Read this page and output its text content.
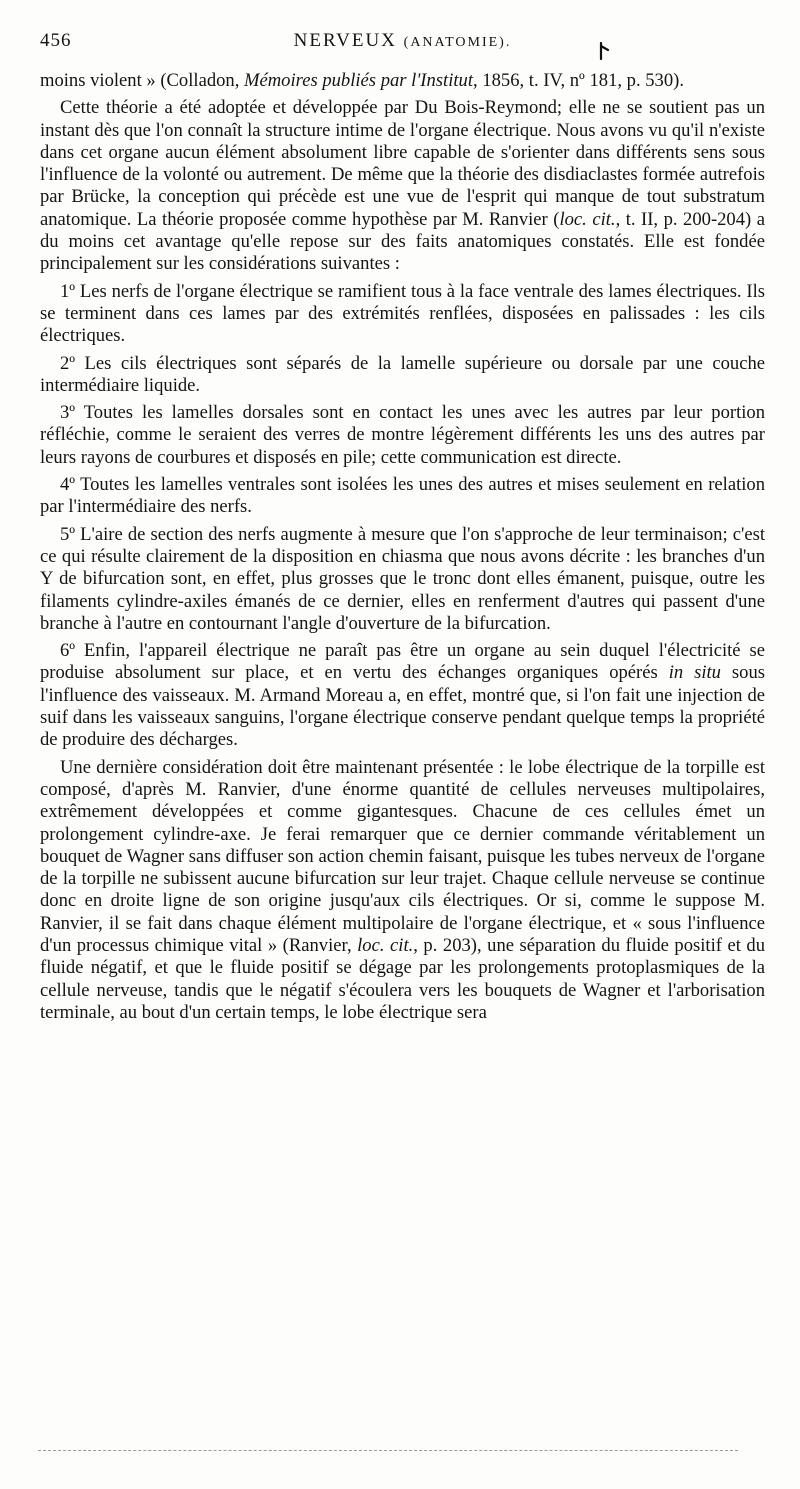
456	NERVEUX (ANATOMIE).

moins violent » (Colladon, Mémoires publiés par l'Institut, 1856, t. IV, nº 181, p. 530).

Cette théorie a été adoptée et développée par Du Bois-Reymond; elle ne se soutient pas un instant dès que l'on connaît la structure intime de l'organe électrique. Nous avons vu qu'il n'existe dans cet organe aucun élément absolument libre capable de s'orienter dans différents sens sous l'influence de la volonté ou autrement. De même que la théorie des disdiaclastes formée autrefois par Brücke, la conception qui précède est une vue de l'esprit qui manque de tout substratum anatomique. La théorie proposée comme hypothèse par M. Ranvier (loc. cit., t. II, p. 200-204) a du moins cet avantage qu'elle repose sur des faits anatomiques constatés. Elle est fondée principalement sur les considérations suivantes :

1º Les nerfs de l'organe électrique se ramifient tous à la face ventrale des lames électriques. Ils se terminent dans ces lames par des extrémités renflées, disposées en palissades : les cils électriques.

2º Les cils électriques sont séparés de la lamelle supérieure ou dorsale par une couche intermédiaire liquide.

3º Toutes les lamelles dorsales sont en contact les unes avec les autres par leur portion réfléchie, comme le seraient des verres de montre légèrement différents les uns des autres par leurs rayons de courbures et disposés en pile; cette communication est directe.

4º Toutes les lamelles ventrales sont isolées les unes des autres et mises seulement en relation par l'intermédiaire des nerfs.

5º L'aire de section des nerfs augmente à mesure que l'on s'approche de leur terminaison; c'est ce qui résulte clairement de la disposition en chiasma que nous avons décrite : les branches d'un Y de bifurcation sont, en effet, plus grosses que le tronc dont elles émanent, puisque, outre les filaments cylindre-axiles émanés de ce dernier, elles en renferment d'autres qui passent d'une branche à l'autre en contournant l'angle d'ouverture de la bifurcation.

6º Enfin, l'appareil électrique ne paraît pas être un organe au sein duquel l'électricité se produise absolument sur place, et en vertu des échanges organiques opérés in situ sous l'influence des vaisseaux. M. Armand Moreau a, en effet, montré que, si l'on fait une injection de suif dans les vaisseaux sanguins, l'organe électrique conserve pendant quelque temps la propriété de produire des décharges.

Une dernière considération doit être maintenant présentée : le lobe électrique de la torpille est composé, d'après M. Ranvier, d'une énorme quantité de cellules nerveuses multipolaires, extrêmement développées et comme gigantesques. Chacune de ces cellules émet un prolongement cylindre-axe. Je ferai remarquer que ce dernier commande véritablement un bouquet de Wagner sans diffuser son action chemin faisant, puisque les tubes nerveux de l'organe de la torpille ne subissent aucune bifurcation sur leur trajet. Chaque cellule nerveuse se continue donc en droite ligne de son origine jusqu'aux cils électriques. Or si, comme le suppose M. Ranvier, il se fait dans chaque élément multipolaire de l'organe électrique, et « sous l'influence d'un processus chimique vital » (Ranvier, loc. cit., p. 203), une séparation du fluide positif et du fluide négatif, et que le fluide positif se dégage par les prolongements protoplasmiques de la cellule nerveuse, tandis que le négatif s'écoulera vers les bouquets de Wagner et l'arborisation terminale, au bout d'un certain temps, le lobe électrique sera
